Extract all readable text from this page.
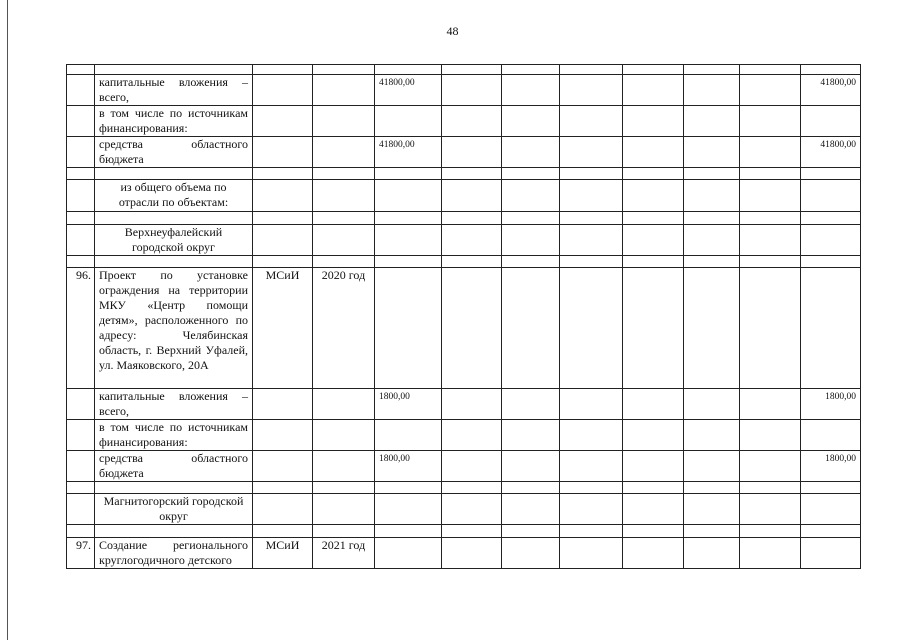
48

	капитальные вложения – всего,			41800,00							41800,00
	в том числе по источникам финансирования:										
	средства областного бюджета			41800,00							41800,00

	из общего объема по отрасли по объектам:										

	Верхнеуфалейский городской округ										

96.	Проект по установке ограждения на территории МКУ «Центр помощи детям», расположенного по адресу: Челябинская область, г. Верхний Уфалей, ул. Маяковского, 20А	МСиИ	2020 год								
	капитальные вложения – всего,			1800,00							1800,00
	в том числе по источникам финансирования:										
	средства областного бюджета			1800,00							1800,00

	Магнитогорский городской округ										

97.	Создание регионального круглогодичного детского	МСиИ	2021 год								
